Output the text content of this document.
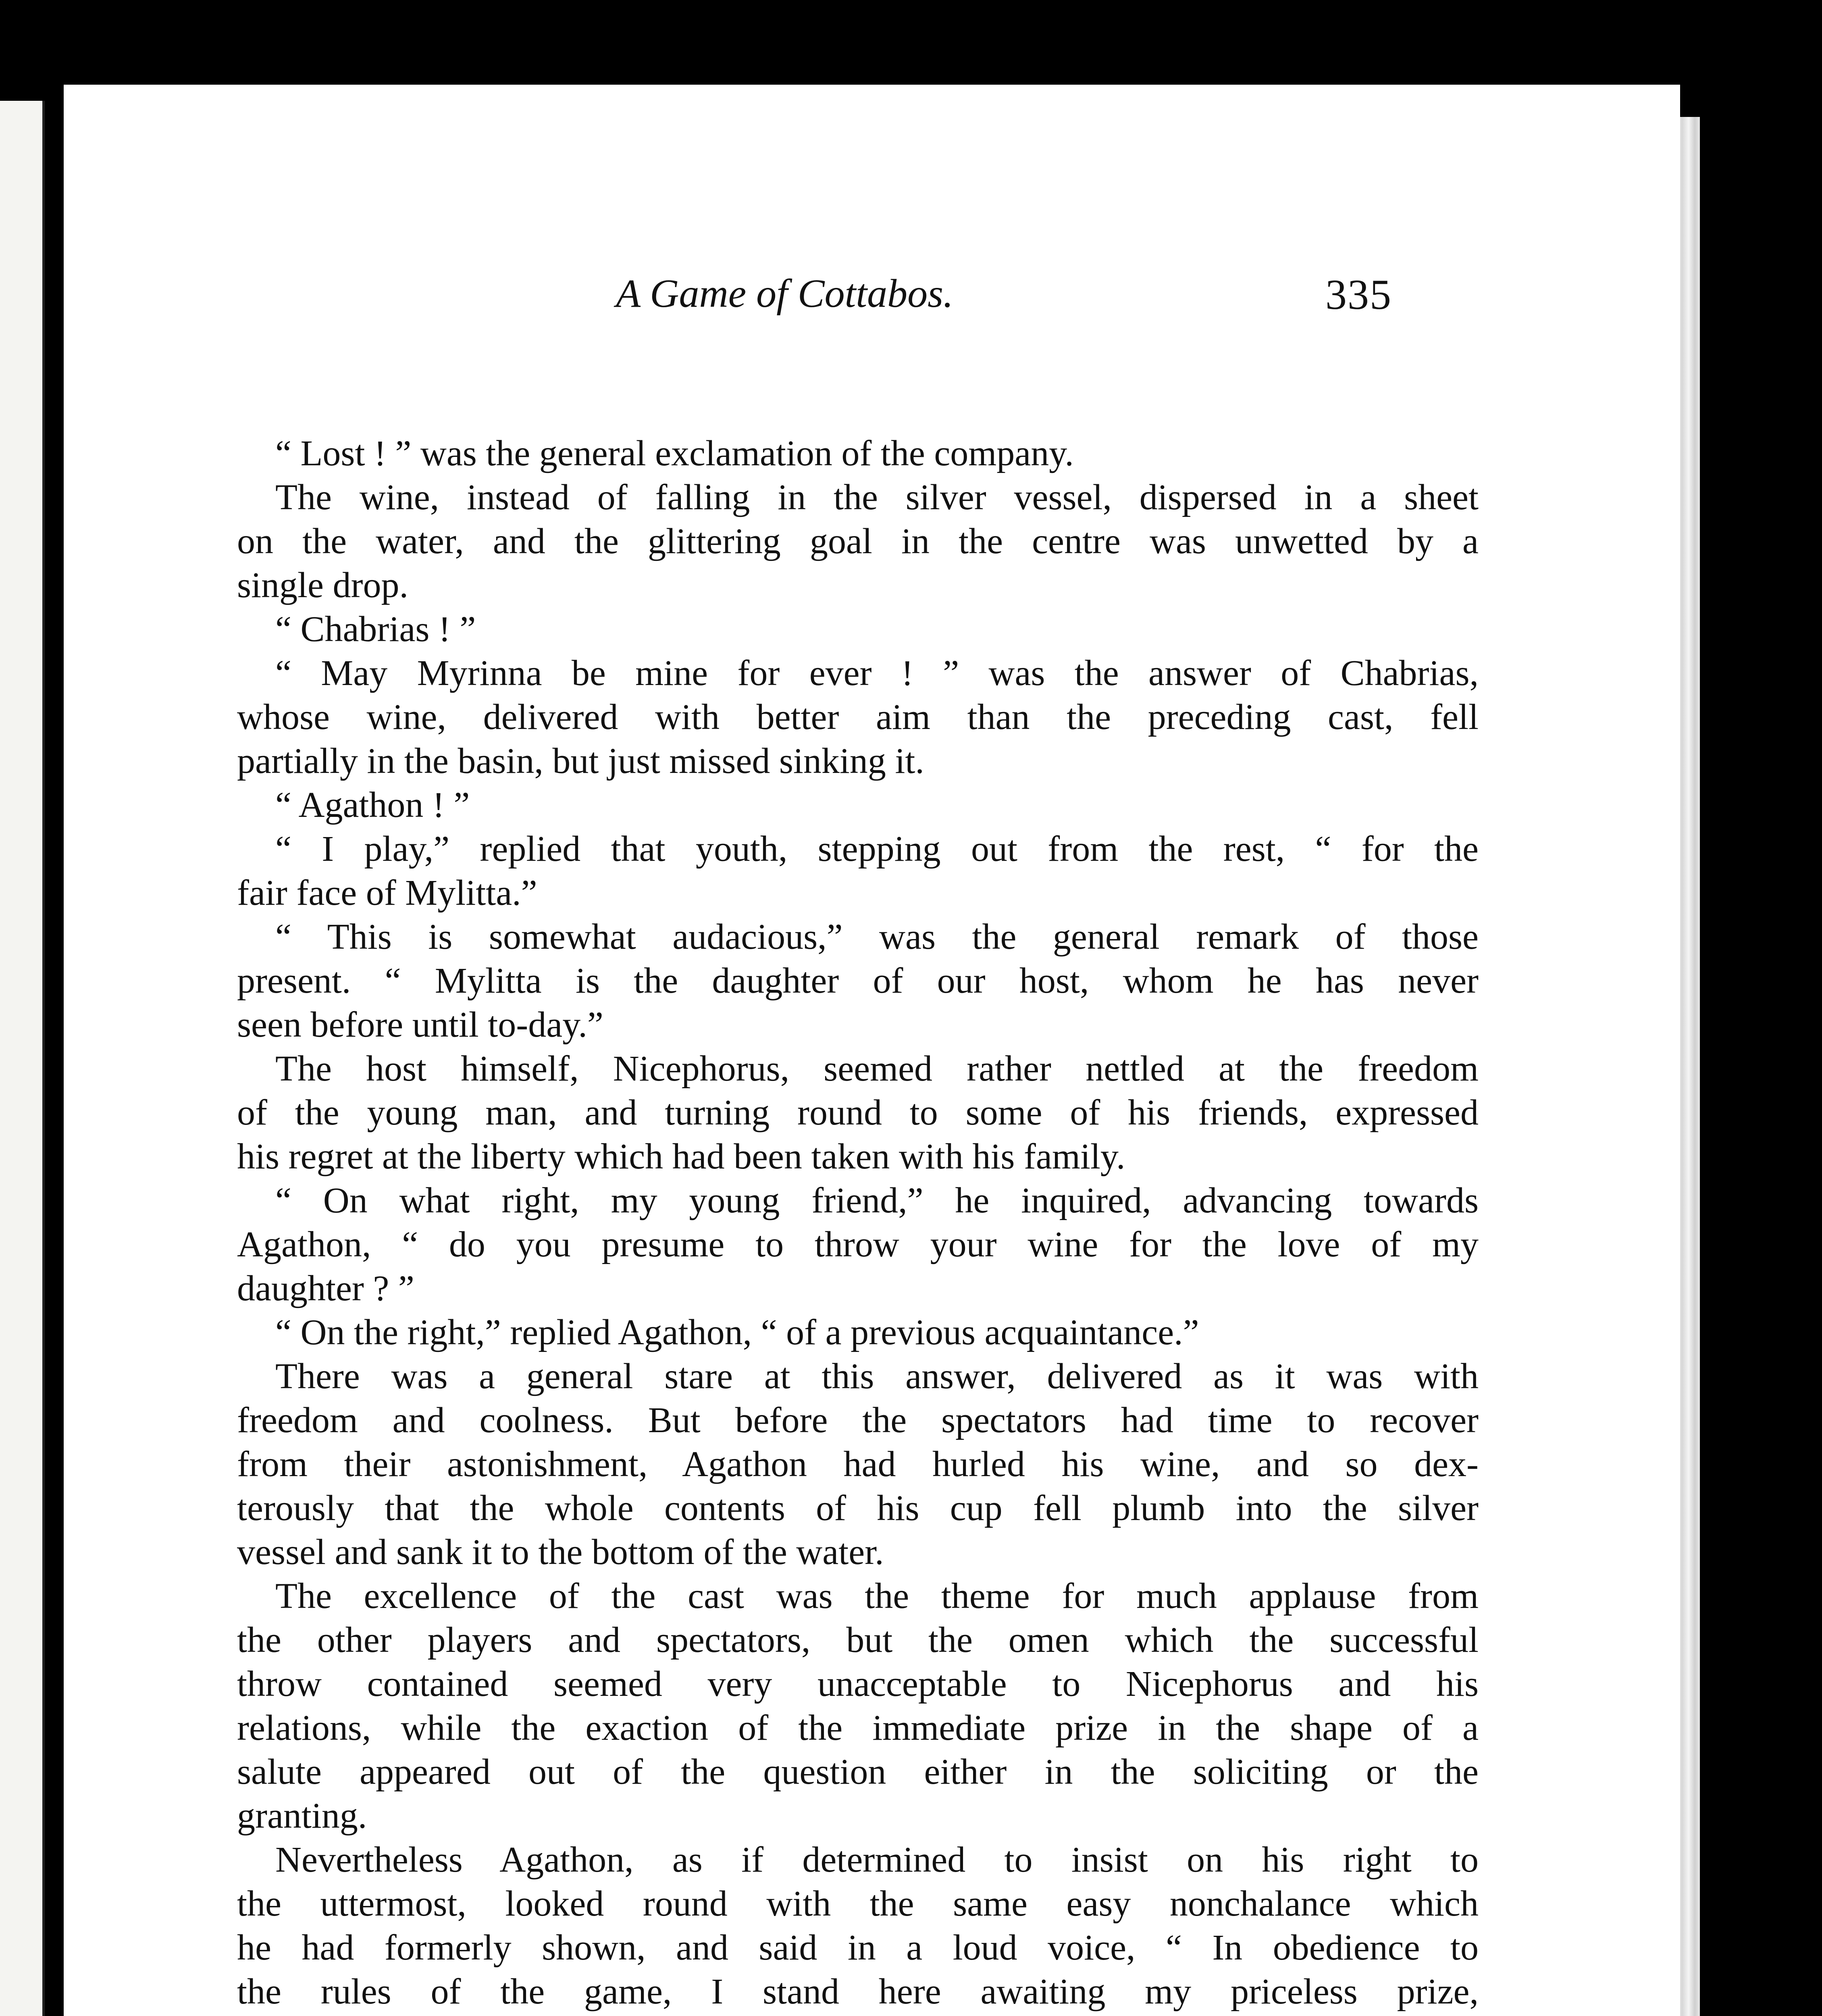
A Game of Cottabos.	335
“ Lost ! ” was the general exclamation of the company.
The wine, instead of falling in the silver vessel, dispersed in a sheet
on the water, and the glittering goal in the centre was unwetted by a
single drop.
“ Chabrias ! ”
“ May Myrinna be mine for ever ! ” was the answer of Chabrias,
whose wine, delivered with better aim than the preceding cast, fell
partially in the basin, but just missed sinking it.
“ Agathon ! ”
“ I play,” replied that youth, stepping out from the rest, “ for the
fair face of Mylitta.”
“ This is somewhat audacious,” was the general remark of those
present. “ Mylitta is the daughter of our host, whom he has never
seen before until to-day.”
The host himself, Nicephorus, seemed rather nettled at the freedom
of the young man, and turning round to some of his friends, expressed
his regret at the liberty which had been taken with his family.
“ On what right, my young friend,” he inquired, advancing towards
Agathon, “ do you presume to throw your wine for the love of my
daughter ? ”
“ On the right,” replied Agathon, “ of a previous acquaintance.”
There was a general stare at this answer, delivered as it was with
freedom and coolness. But before the spectators had time to recover
from their astonishment, Agathon had hurled his wine, and so dex-
terously that the whole contents of his cup fell plumb into the silver
vessel and sank it to the bottom of the water.
The excellence of the cast was the theme for much applause from
the other players and spectators, but the omen which the successful
throw contained seemed very unacceptable to Nicephorus and his
relations, while the exaction of the immediate prize in the shape of a
salute appeared out of the question either in the soliciting or the
granting.
Nevertheless Agathon, as if determined to insist on his right to
the uttermost, looked round with the same easy nonchalance which
he had formerly shown, and said in a loud voice, “ In obedience to
the rules of the game, I stand here awaiting my priceless prize,
